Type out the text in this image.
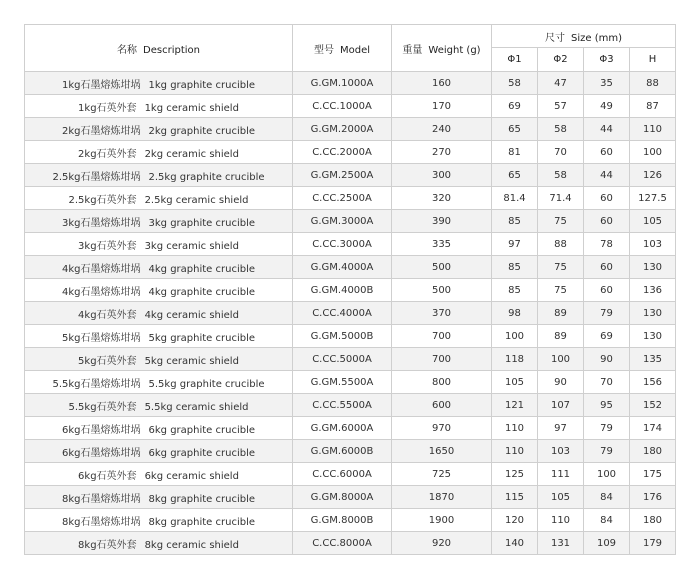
名称 Description	型号 Model	重量 Weight (g)	尺寸 Size (mm)			
			Φ1	Φ2	Φ3	H
1kg石墨熔炼坩埚 1kg graphite crucible	G.GM.1000A	160	58	47	35	88
1kg石英外套 1kg ceramic shield	C.CC.1000A	170	69	57	49	87
2kg石墨熔炼坩埚 2kg graphite crucible	G.GM.2000A	240	65	58	44	110
2kg石英外套 2kg ceramic shield	C.CC.2000A	270	81	70	60	100
2.5kg石墨熔炼坩埚 2.5kg graphite crucible	G.GM.2500A	300	65	58	44	126
2.5kg石英外套 2.5kg ceramic shield	C.CC.2500A	320	81.4	71.4	60	127.5
3kg石墨熔炼坩埚 3kg graphite crucible	G.GM.3000A	390	85	75	60	105
3kg石英外套 3kg ceramic shield	C.CC.3000A	335	97	88	78	103
4kg石墨熔炼坩埚 4kg graphite crucible	G.GM.4000A	500	85	75	60	130
4kg石墨熔炼坩埚 4kg graphite crucible	G.GM.4000B	500	85	75	60	136
4kg石英外套 4kg ceramic shield	C.CC.4000A	370	98	89	79	130
5kg石墨熔炼坩埚 5kg graphite crucible	G.GM.5000B	700	100	89	69	130
5kg石英外套 5kg ceramic shield	C.CC.5000A	700	118	100	90	135
5.5kg石墨熔炼坩埚 5.5kg graphite crucible	G.GM.5500A	800	105	90	70	156
5.5kg石英外套 5.5kg ceramic shield	C.CC.5500A	600	121	107	95	152
6kg石墨熔炼坩埚 6kg graphite crucible	G.GM.6000A	970	110	97	79	174
6kg石墨熔炼坩埚 6kg graphite crucible	G.GM.6000B	1650	110	103	79	180
6kg石英外套 6kg ceramic shield	C.CC.6000A	725	125	111	100	175
8kg石墨熔炼坩埚 8kg graphite crucible	G.GM.8000A	1870	115	105	84	176
8kg石墨熔炼坩埚 8kg graphite crucible	G.GM.8000B	1900	120	110	84	180
8kg石英外套 8kg ceramic shield	C.CC.8000A	920	140	131	109	179
